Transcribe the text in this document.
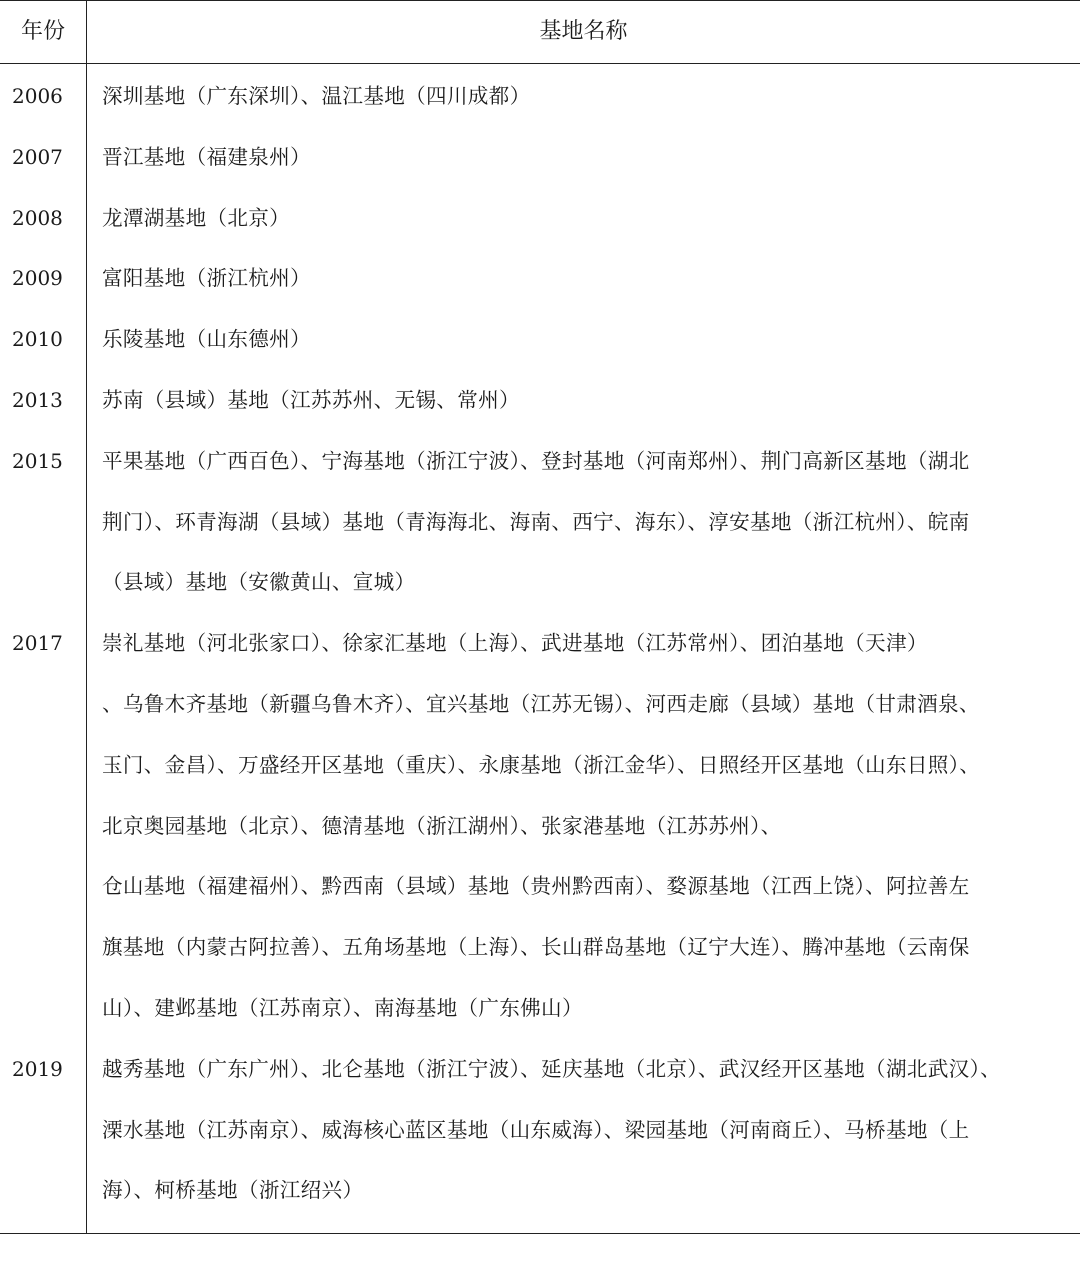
年份	基地名称
2006	深圳基地（广东深圳）、温江基地（四川成都）
2007	晋江基地（福建泉州）
2008	龙潭湖基地（北京）
2009	富阳基地（浙江杭州）
2010	乐陵基地（山东德州）
2013	苏南（县域）基地（江苏苏州、无锡、常州）
2015	平果基地（广西百色）、宁海基地（浙江宁波）、登封基地（河南郑州）、荆门高新区基地（湖北
荆门）、环青海湖（县域）基地（青海海北、海南、西宁、海东）、淳安基地（浙江杭州）、皖南
（县域）基地（安徽黄山、宣城）
2017	崇礼基地（河北张家口）、徐家汇基地（上海）、武进基地（江苏常州）、团泊基地（天津）
、乌鲁木齐基地（新疆乌鲁木齐）、宜兴基地（江苏无锡）、河西走廊（县域）基地（甘肃酒泉、
玉门、金昌）、万盛经开区基地（重庆）、永康基地（浙江金华）、日照经开区基地（山东日照）、
北京奥园基地（北京）、德清基地（浙江湖州）、张家港基地（江苏苏州）、
仓山基地（福建福州）、黔西南（县域）基地（贵州黔西南）、婺源基地（江西上饶）、阿拉善左
旗基地（内蒙古阿拉善）、五角场基地（上海）、长山群岛基地（辽宁大连）、腾冲基地（云南保
山）、建邺基地（江苏南京）、南海基地（广东佛山）
2019	越秀基地（广东广州）、北仑基地（浙江宁波）、延庆基地（北京）、武汉经开区基地（湖北武汉）、
溧水基地（江苏南京）、威海核心蓝区基地（山东威海）、梁园基地（河南商丘）、马桥基地（上
海）、柯桥基地（浙江绍兴）
